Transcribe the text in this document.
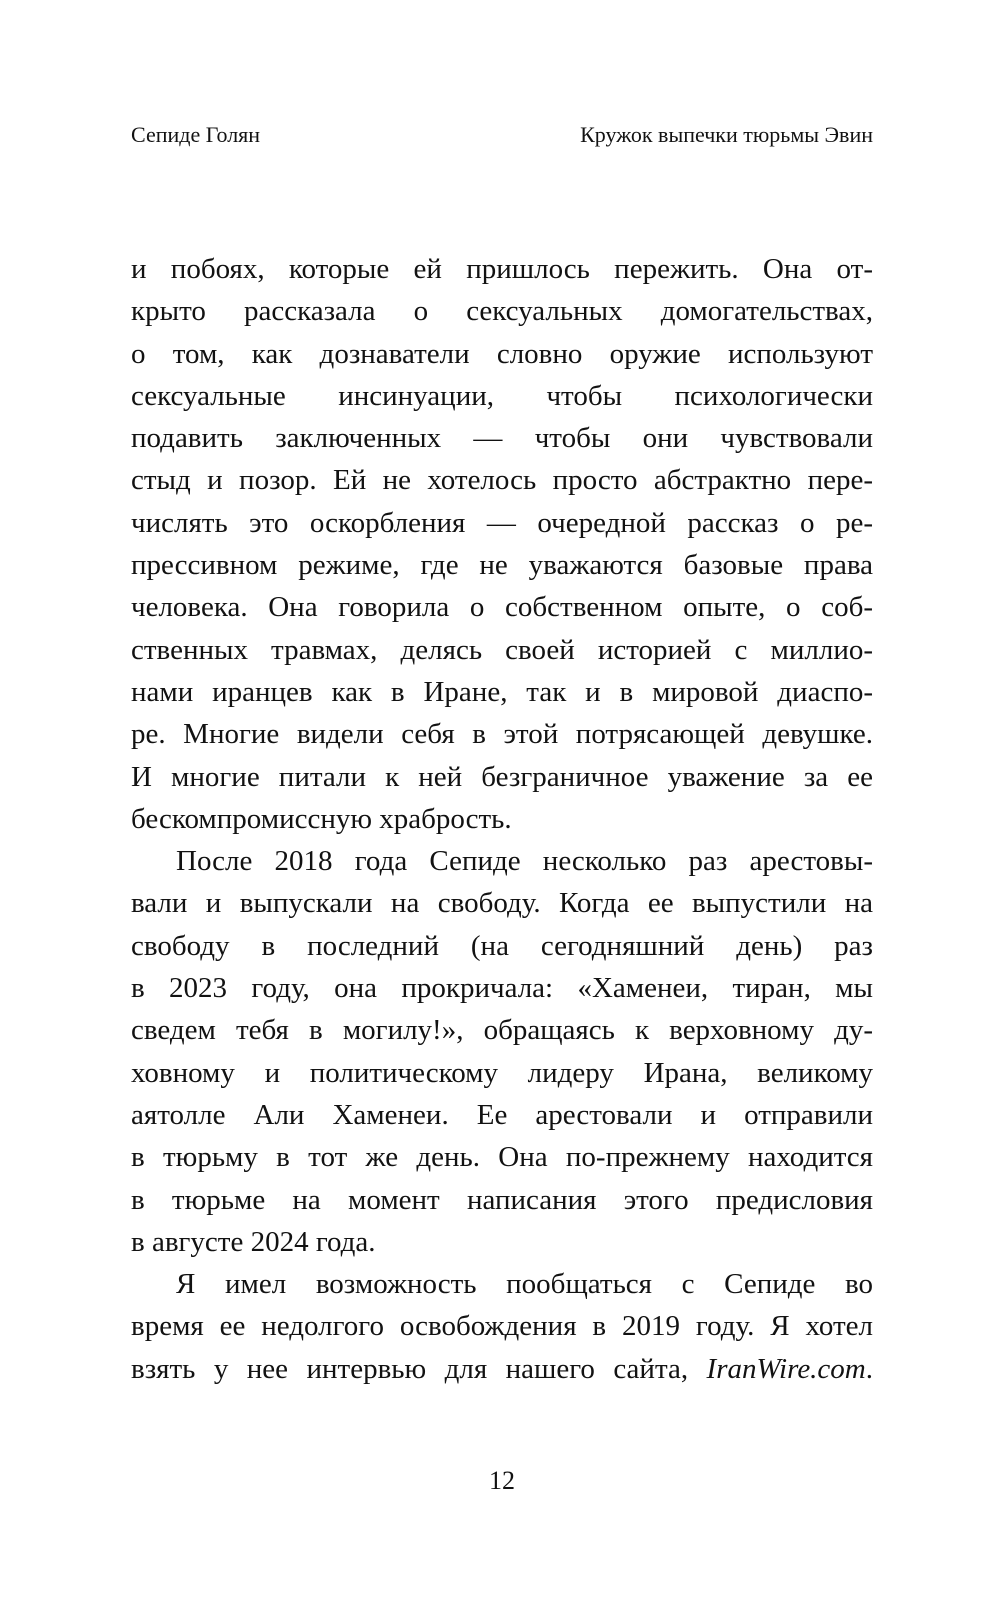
Сепиде Голян	Кружок выпечки тюрьмы Эвин
и побоях, которые ей пришлось пережить. Она от-
крыто рассказала о сексуальных домогательствах,
о том, как дознаватели словно оружие используют
сексуальные инсинуации, чтобы психологически
подавить заключенных — чтобы они чувствовали
стыд и позор. Ей не хотелось просто абстрактно пере-
числять это оскорбления — очередной рассказ о ре-
прессивном режиме, где не уважаются базовые права
человека. Она говорила о собственном опыте, о соб-
ственных травмах, делясь своей историей с миллио-
нами иранцев как в Иране, так и в мировой диаспо-
ре. Многие видели себя в этой потрясающей девушке.
И многие питали к ней безграничное уважение за ее
бескомпромиссную храбрость.
После 2018 года Сепиде несколько раз арестовы-
вали и выпускали на свободу. Когда ее выпустили на
свободу в последний (на сегодняшний день) раз
в 2023 году, она прокричала: «Хаменеи, тиран, мы
сведем тебя в могилу!», обращаясь к верховному ду-
ховному и политическому лидеру Ирана, великому
аятолле Али Хаменеи. Ее арестовали и отправили
в тюрьму в тот же день. Она по-прежнему находится
в тюрьме на момент написания этого предисловия
в августе 2024 года.
Я имел возможность пообщаться с Сепиде во
время ее недолгого освобождения в 2019 году. Я хотел
взять у нее интервью для нашего сайта, IranWire.com.
12
